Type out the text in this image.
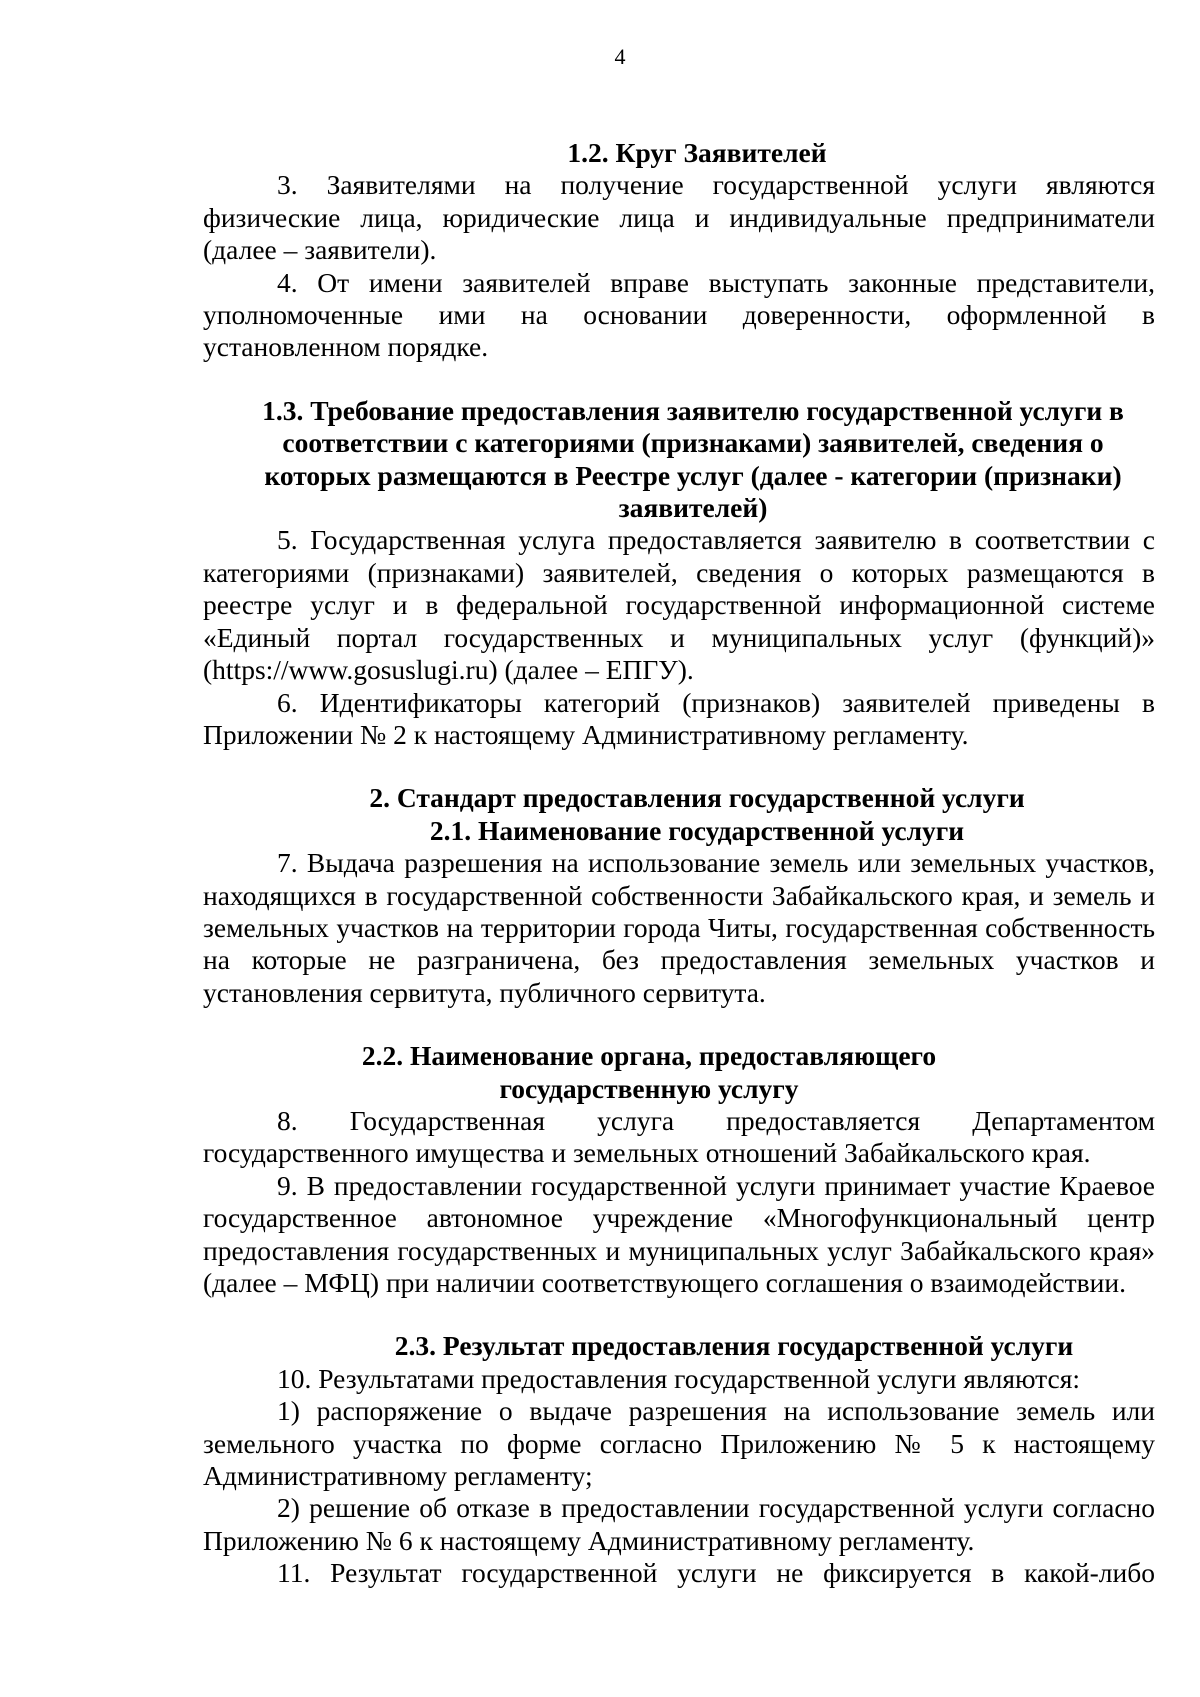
4

1.2. Круг Заявителей

3. Заявителями на получение государственной услуги являются физические лица, юридические лица и индивидуальные предприниматели (далее – заявители).

4. От имени заявителей вправе выступать законные представители, уполномоченные ими на основании доверенности, оформленной в установленном порядке.

1.3. Требование предоставления заявителю государственной услуги в соответствии с категориями (признаками) заявителей, сведения о которых размещаются в Реестре услуг (далее - категории (признаки) заявителей)

5. Государственная услуга предоставляется заявителю в соответствии с категориями (признаками) заявителей, сведения о которых размещаются в реестре услуг и в федеральной государственной информационной системе «Единый портал государственных и муниципальных услуг (функций)» (https://www.gosuslugi.ru) (далее – ЕПГУ).

6. Идентификаторы категорий (признаков) заявителей приведены в Приложении № 2 к настоящему Административному регламенту.

2. Стандарт предоставления государственной услуги

2.1. Наименование государственной услуги

7. Выдача разрешения на использование земель или земельных участков, находящихся в государственной собственности Забайкальского края, и земель и земельных участков на территории города Читы, государственная собственность на которые не разграничена, без предоставления земельных участков и установления сервитута, публичного сервитута.

2.2. Наименование органа, предоставляющего

государственную услугу

8. Государственная услуга предоставляется Департаментом государственного имущества и земельных отношений Забайкальского края.

9. В предоставлении государственной услуги принимает участие Краевое государственное автономное учреждение «Многофункциональный центр предоставления государственных и муниципальных услуг Забайкальского края» (далее – МФЦ) при наличии соответствующего соглашения о взаимодействии.

2.3. Результат предоставления государственной услуги

10. Результатами предоставления государственной услуги являются:

1) распоряжение о выдаче разрешения на использование земель или земельного участка по форме согласно Приложению № 5 к настоящему Административному регламенту;

2) решение об отказе в предоставлении государственной услуги согласно Приложению № 6 к настоящему Административному регламенту.

11. Результат государственной услуги не фиксируется в какой-либо
